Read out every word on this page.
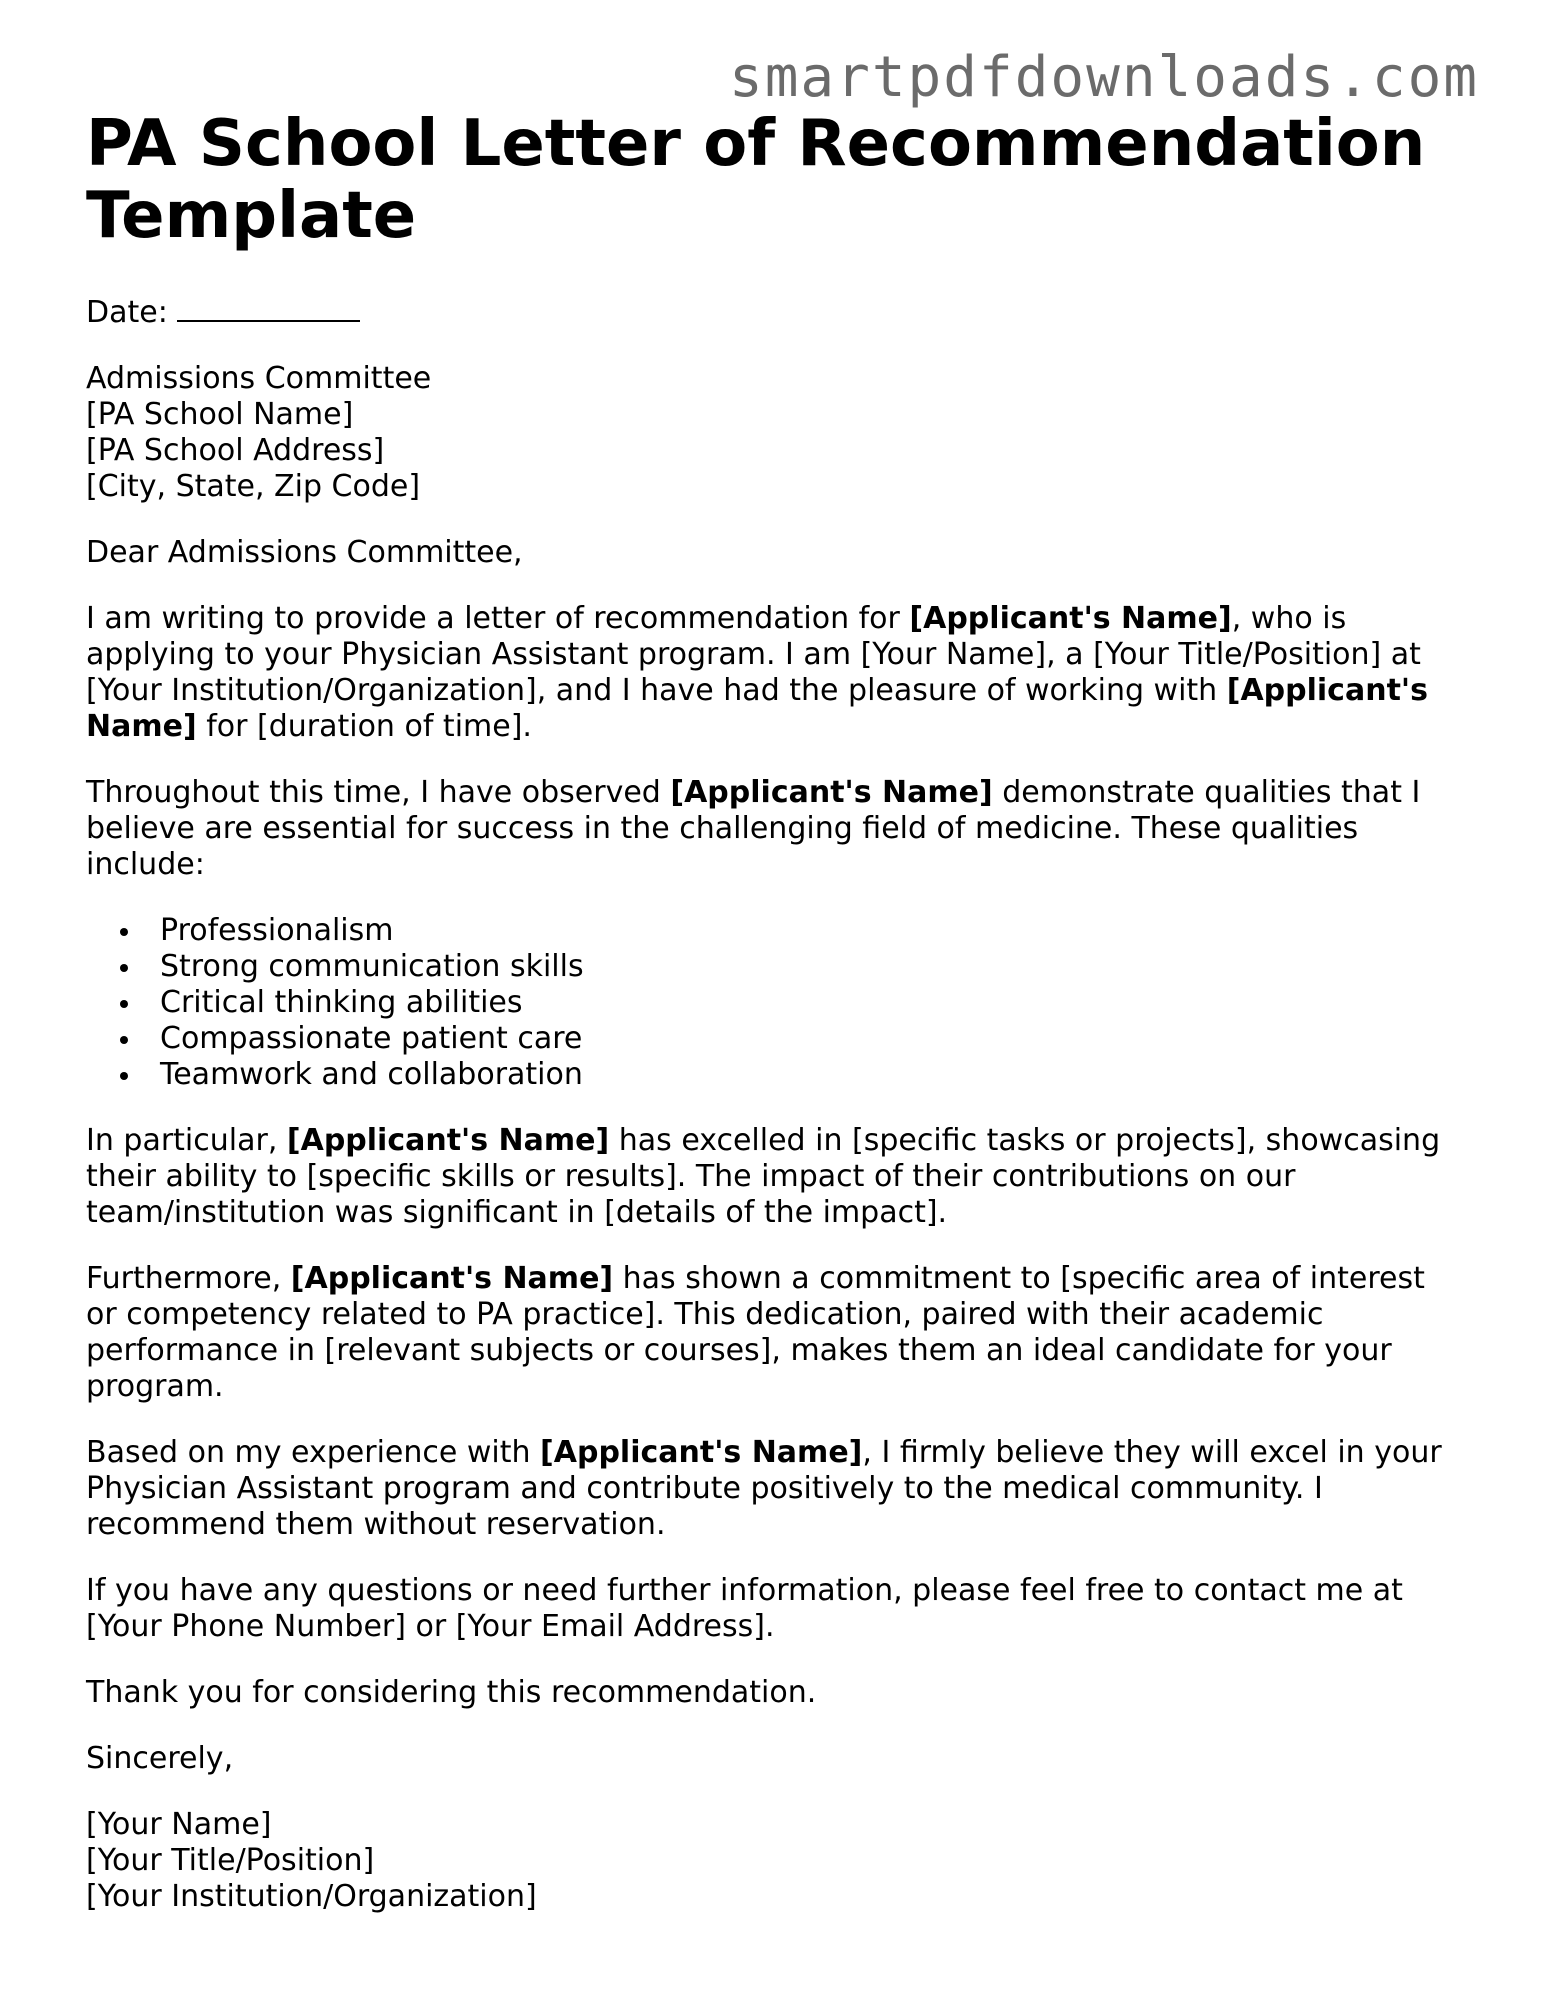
smartpdfdownloads.com
PA School Letter of Recommendation Template

Date:

Admissions Committee
[PA School Name]
[PA School Address]
[City, State, Zip Code]

Dear Admissions Committee,

I am writing to provide a letter of recommendation for [Applicant's Name], who is applying to your Physician Assistant program. I am [Your Name], a [Your Title/Position] at [Your Institution/Organization], and I have had the pleasure of working with [Applicant's Name] for [duration of time].

Throughout this time, I have observed [Applicant's Name] demonstrate qualities that I believe are essential for success in the challenging field of medicine. These qualities include:

Professionalism
Strong communication skills
Critical thinking abilities
Compassionate patient care
Teamwork and collaboration

In particular, [Applicant's Name] has excelled in [specific tasks or projects], showcasing their ability to [specific skills or results]. The impact of their contributions on our team/institution was significant in [details of the impact].

Furthermore, [Applicant's Name] has shown a commitment to [specific area of interest or competency related to PA practice]. This dedication, paired with their academic performance in [relevant subjects or courses], makes them an ideal candidate for your program.

Based on my experience with [Applicant's Name], I firmly believe they will excel in your Physician Assistant program and contribute positively to the medical community. I recommend them without reservation.

If you have any questions or need further information, please feel free to contact me at [Your Phone Number] or [Your Email Address].

Thank you for considering this recommendation.

Sincerely,

[Your Name]
[Your Title/Position]
[Your Institution/Organization]
